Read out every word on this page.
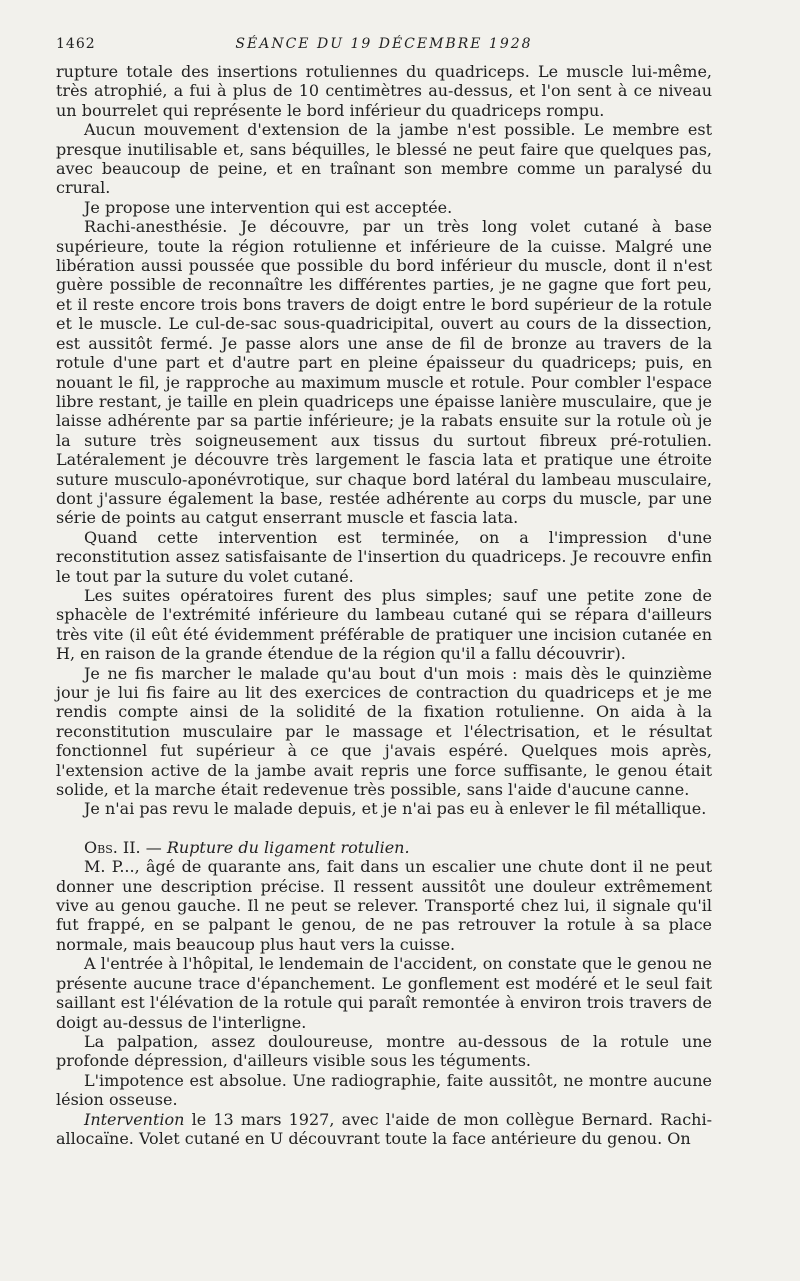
1462	SÉANCE DU 19 DÉCEMBRE 1928

rupture totale des insertions rotuliennes du quadriceps. Le muscle lui-même, très atrophié, a fui à plus de 10 centimètres au-dessus, et l'on sent à ce niveau un bourrelet qui représente le bord inférieur du quadriceps rompu.

Aucun mouvement d'extension de la jambe n'est possible. Le membre est presque inutilisable et, sans béquilles, le blessé ne peut faire que quelques pas, avec beaucoup de peine, et en traînant son membre comme un paralysé du crural.

Je propose une intervention qui est acceptée.

Rachi-anesthésie. Je découvre, par un très long volet cutané à base supérieure, toute la région rotulienne et inférieure de la cuisse. Malgré une libération aussi poussée que possible du bord inférieur du muscle, dont il n'est guère possible de reconnaître les différentes parties, je ne gagne que fort peu, et il reste encore trois bons travers de doigt entre le bord supérieur de la rotule et le muscle. Le cul-de-sac sous-quadricipital, ouvert au cours de la dissection, est aussitôt fermé. Je passe alors une anse de fil de bronze au travers de la rotule d'une part et d'autre part en pleine épaisseur du quadriceps; puis, en nouant le fil, je rapproche au maximum muscle et rotule. Pour combler l'espace libre restant, je taille en plein quadriceps une épaisse lanière musculaire, que je laisse adhérente par sa partie inférieure; je la rabats ensuite sur la rotule où je la suture très soigneusement aux tissus du surtout fibreux pré-rotulien. Latéralement je découvre très largement le fascia lata et pratique une étroite suture musculo-aponévrotique, sur chaque bord latéral du lambeau musculaire, dont j'assure également la base, restée adhérente au corps du muscle, par une série de points au catgut enserrant muscle et fascia lata.

Quand cette intervention est terminée, on a l'impression d'une reconstitution assez satisfaisante de l'insertion du quadriceps. Je recouvre enfin le tout par la suture du volet cutané.

Les suites opératoires furent des plus simples; sauf une petite zone de sphacèle de l'extrémité inférieure du lambeau cutané qui se répara d'ailleurs très vite (il eût été évidemment préférable de pratiquer une incision cutanée en H, en raison de la grande étendue de la région qu'il a fallu découvrir).

Je ne fis marcher le malade qu'au bout d'un mois : mais dès le quinzième jour je lui fis faire au lit des exercices de contraction du quadriceps et je me rendis compte ainsi de la solidité de la fixation rotulienne. On aida à la reconstitution musculaire par le massage et l'électrisation, et le résultat fonctionnel fut supérieur à ce que j'avais espéré. Quelques mois après, l'extension active de la jambe avait repris une force suffisante, le genou était solide, et la marche était redevenue très possible, sans l'aide d'aucune canne.

Je n'ai pas revu le malade depuis, et je n'ai pas eu à enlever le fil métallique.

Obs. II. — Rupture du ligament rotulien.

M. P..., âgé de quarante ans, fait dans un escalier une chute dont il ne peut donner une description précise. Il ressent aussitôt une douleur extrêmement vive au genou gauche. Il ne peut se relever. Transporté chez lui, il signale qu'il fut frappé, en se palpant le genou, de ne pas retrouver la rotule à sa place normale, mais beaucoup plus haut vers la cuisse.

A l'entrée à l'hôpital, le lendemain de l'accident, on constate que le genou ne présente aucune trace d'épanchement. Le gonflement est modéré et le seul fait saillant est l'élévation de la rotule qui paraît remontée à environ trois travers de doigt au-dessus de l'interligne.

La palpation, assez douloureuse, montre au-dessous de la rotule une profonde dépression, d'ailleurs visible sous les téguments.

L'impotence est absolue. Une radiographie, faite aussitôt, ne montre aucune lésion osseuse.

Intervention le 13 mars 1927, avec l'aide de mon collègue Bernard. Rachi-allocaïne. Volet cutané en U découvrant toute la face antérieure du genou. On
